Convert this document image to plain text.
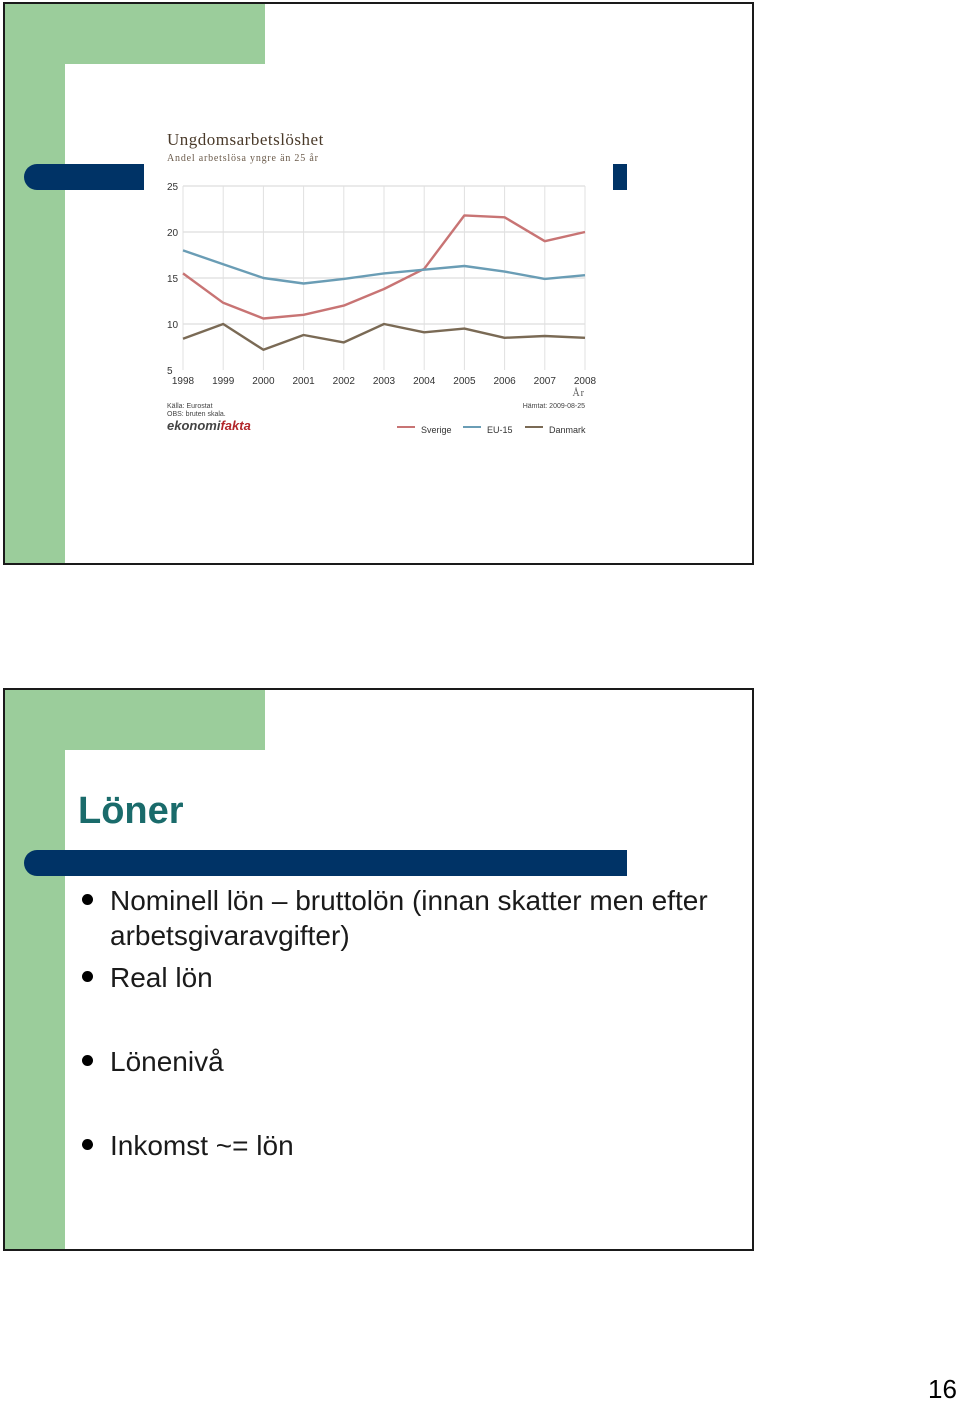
5
10
15
20
25
1998 1999 2000 2001 2002 2003 2004 2005 2006 2007 2008
År
Ungdomsarbetslöshet
Andel arbetslösa yngre än 25 år
Källa: Eurostat
OBS: bruten skala.
Hämtat: 2009-08-25
ekonomifakta	Sverige	EU-15	Danmark
Löner
Nominell lön – bruttolön (innan skatter men efter arbetsgivaravgifter)
Real lön
Lönenivå
Inkomst ~= lön
16
